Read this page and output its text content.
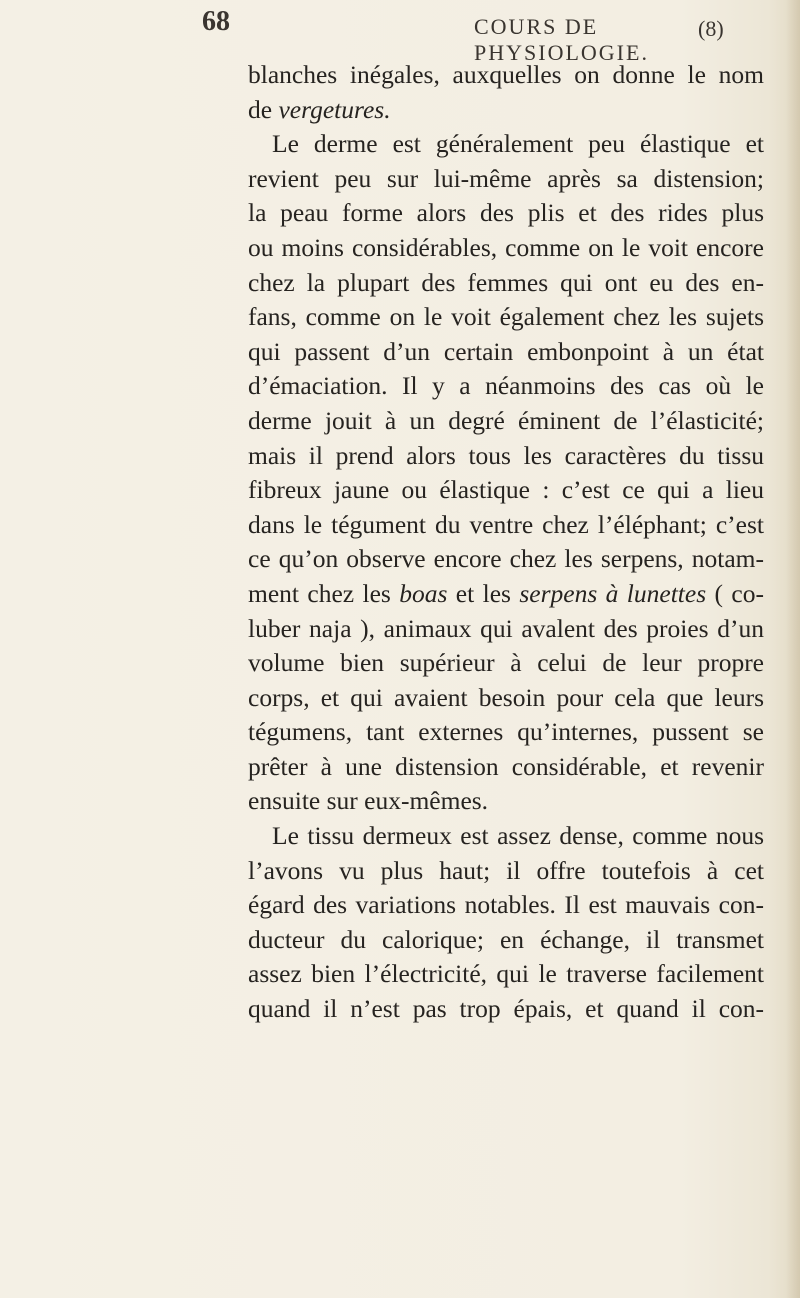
68	COURS DE PHYSIOLOGIE.
(8)
blanches inégales, auxquelles on donne le nom
de vergetures.
Le derme est généralement peu élastique et
revient peu sur lui-même après sa distension;
la peau forme alors des plis et des rides plus
ou moins considérables, comme on le voit encore
chez la plupart des femmes qui ont eu des en-
fans, comme on le voit également chez les sujets
qui passent d’un certain embonpoint à un état
d’émaciation. Il y a néanmoins des cas où le
derme jouit à un degré éminent de l’élasticité;
mais il prend alors tous les caractères du tissu
fibreux jaune ou élastique : c’est ce qui a lieu
dans le tégument du ventre chez l’éléphant; c’est
ce qu’on observe encore chez les serpens, notam-
ment chez les boas et les serpens à lunettes ( co-
luber naja ), animaux qui avalent des proies d’un
volume bien supérieur à celui de leur propre
corps, et qui avaient besoin pour cela que leurs
tégumens, tant externes qu’internes, pussent se
prêter à une distension considérable, et revenir
ensuite sur eux-mêmes.
Le tissu dermeux est assez dense, comme nous
l’avons vu plus haut; il offre toutefois à cet
égard des variations notables. Il est mauvais con-
ducteur du calorique; en échange, il transmet
assez bien l’électricité, qui le traverse facilement
quand il n’est pas trop épais, et quand il con-
